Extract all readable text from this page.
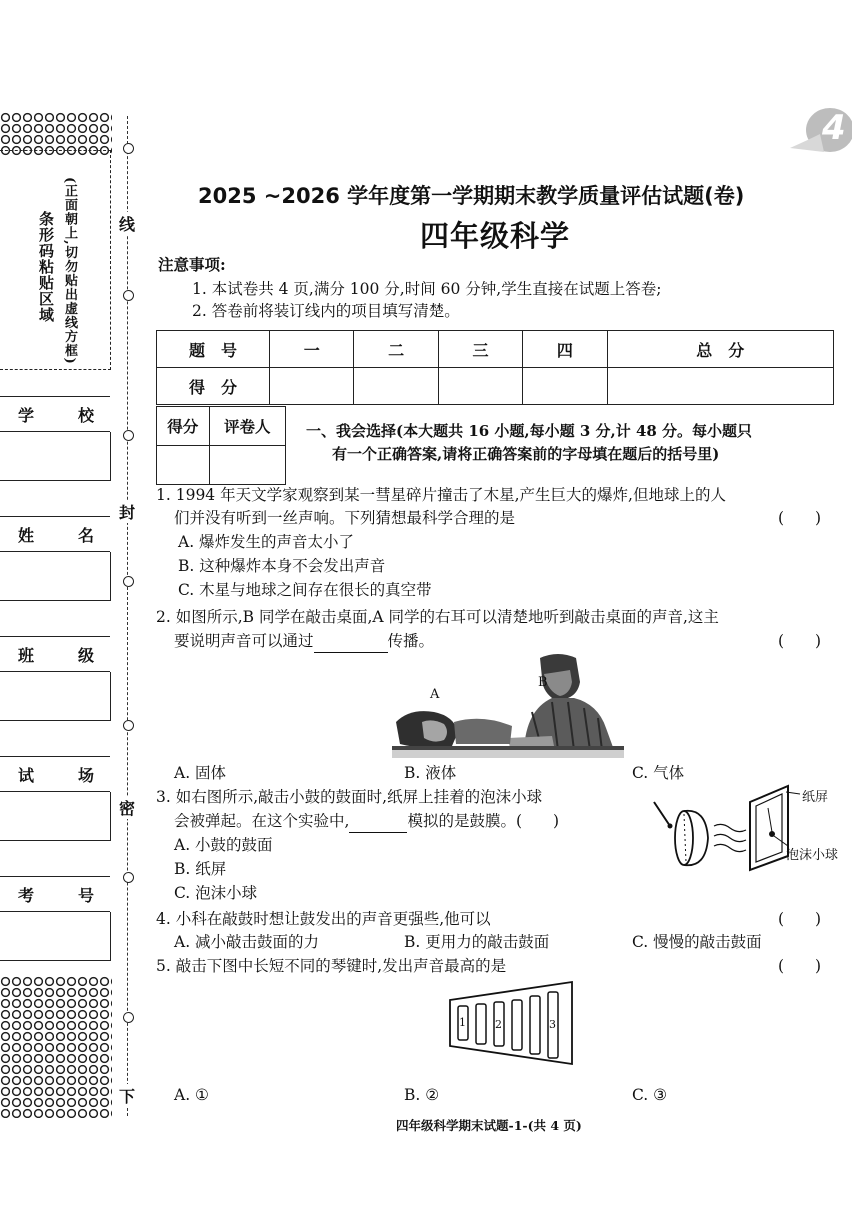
4
条形码粘贴区域 (正面朝上,切勿贴出虚线方框)
学	校
姓	名
班	级
试	场
考	号
线
封
密
下
2025 ~2026 学年度第一学期期末教学质量评估试题(卷)
四年级科学
注意事项:
1. 本试卷共 4 页,满分 100 分,时间 60 分钟,学生直接在试题上答卷;
2. 答卷前将装订线内的项目填写清楚。
题　号	一	二	三	四	总　分
得　分					
得分	评卷人
	一、我会选择(本大题共 16 小题,每小题 3 分,计 48 分。每小题只
有一个正确答案,请将正确答案前的字母填在题后的括号里)
1. 1994 年天文学家观察到某一彗星碎片撞击了木星,产生巨大的爆炸,但地球上的人
们并没有听到一丝声响。下列猜想最科学合理的是	(　　)
A. 爆炸发生的声音太小了
B. 这种爆炸本身不会发出声音
C. 木星与地球之间存在很长的真空带
2. 如图所示,B 同学在敲击桌面,A 同学的右耳可以清楚地听到敲击桌面的声音,这主
要说明声音可以通过	传播。	(　　)
A
B
A. 固体	B. 液体	C. 气体
3. 如右图所示,敲击小鼓的鼓面时,纸屏上挂着的泡沫小球
会被弹起。在这个实验中,	模拟的是鼓膜。(　　)
A. 小鼓的鼓面
B. 纸屏
C. 泡沫小球
纸屏
泡沫小球
4. 小科在敲鼓时想让鼓发出的声音更强些,他可以	(　　)
A. 减小敲击鼓面的力	B. 更用力的敲击鼓面	C. 慢慢的敲击鼓面
5. 敲击下图中长短不同的琴键时,发出声音最高的是	(　　)
1	2	3
A. ①	B. ②	C. ③
四年级科学期末试题-1-(共 4 页)
